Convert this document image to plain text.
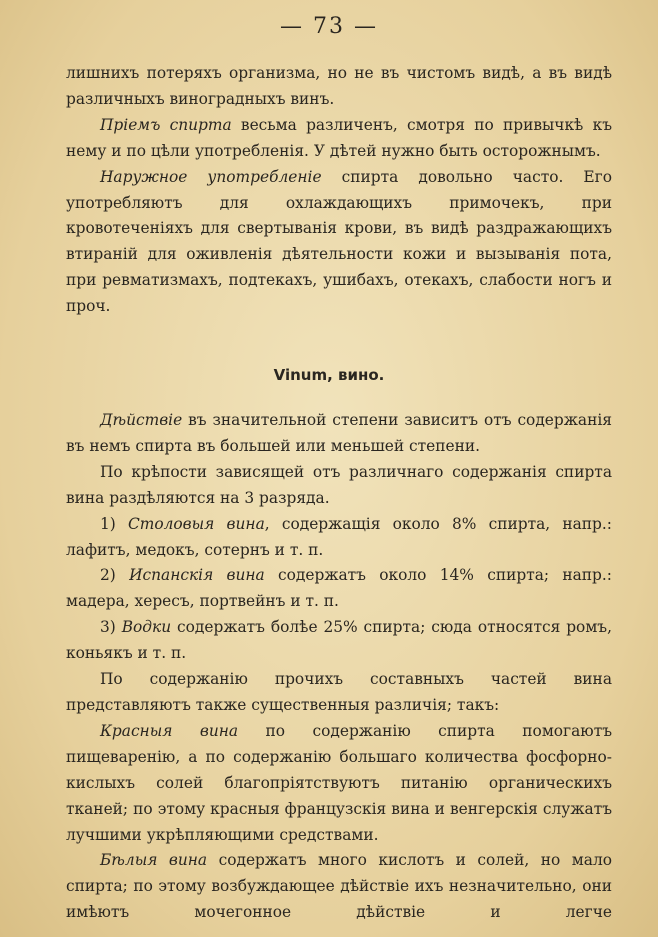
— 73 —

лишнихъ потеряхъ организма, но не въ чистомъ видѣ, а въ видѣ различныхъ виноградныхъ винъ.

Пріемъ спирта весьма различенъ, смотря по привычкѣ къ нему и по цѣли употребленія. У дѣтей нужно быть осторожнымъ.

Наружное употребленіе спирта довольно часто. Его употребляютъ для охлаждающихъ примочекъ, при кровотеченіяхъ для свертыванія крови, въ видѣ раздражающихъ втираній для оживленія дѣятельности кожи и вызыванія пота, при ревматизмахъ, подтекахъ, ушибахъ, отекахъ, слабости ногъ и проч.

Vinum, вино.

Дѣйствіе въ значительной степени зависитъ отъ содержанія въ немъ спирта въ большей или меньшей степени.

По крѣпости зависящей отъ различнаго содержанія спирта вина раздѣляются на 3 разряда.

1) Столовыя вина, содержащія около 8% спирта, напр.: лафитъ, медокъ, сотернъ и т. п.

2) Испанскія вина содержатъ около 14% спирта; напр.: мадера, хересъ, портвейнъ и т. п.

3) Водки содержатъ болѣе 25% спирта; сюда относятся ромъ, коньякъ и т. п.

По содержанію прочихъ составныхъ частей вина представляютъ также существенныя различія; такъ:

Красныя вина по содержанію спирта помогаютъ пищеваренію, а по содержанію большаго количества фосфорно-кислыхъ солей благопріятствуютъ питанію органическихъ тканей; по этому красныя французскія вина и венгерскія служатъ лучшими укрѣпляющими средствами.

Бѣлыя вина содержатъ много кислотъ и солей, но мало спирта; по этому возбуждающее дѣйствіе ихъ незначительно, они имѣютъ мочегонное дѣйствіе и легче
